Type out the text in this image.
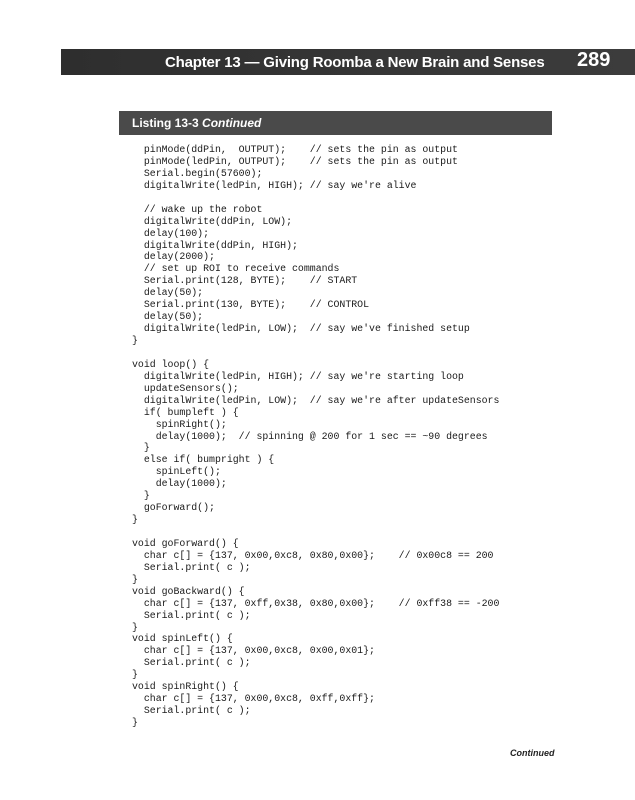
Chapter 13 — Giving Roomba a New Brain and Senses	289
Listing 13-3 Continued
pinMode(ddPin,  OUTPUT);    // sets the pin as output
pinMode(ledPin, OUTPUT);    // sets the pin as output
Serial.begin(57600);
digitalWrite(ledPin, HIGH); // say we're alive
// wake up the robot
digitalWrite(ddPin, LOW);
delay(100);
digitalWrite(ddPin, HIGH);
delay(2000);
// set up ROI to receive commands
Serial.print(128, BYTE);    // START
delay(50);
Serial.print(130, BYTE);    // CONTROL
delay(50);
digitalWrite(ledPin, LOW);  // say we've finished setup
}
void loop() {
digitalWrite(ledPin, HIGH); // say we're starting loop
updateSensors();
digitalWrite(ledPin, LOW);  // say we're after updateSensors
if( bumpleft ) {
spinRight();
delay(1000);  // spinning @ 200 for 1 sec == ~90 degrees
}
else if( bumpright ) {
spinLeft();
delay(1000);
}
goForward();
}
void goForward() {
char c[] = {137, 0x00,0xc8, 0x80,0x00};    // 0x00c8 == 200
Serial.print( c );
}
void goBackward() {
char c[] = {137, 0xff,0x38, 0x80,0x00};    // 0xff38 == -200
Serial.print( c );
}
void spinLeft() {
char c[] = {137, 0x00,0xc8, 0x00,0x01};
Serial.print( c );
}
void spinRight() {
char c[] = {137, 0x00,0xc8, 0xff,0xff};
Serial.print( c );
}
Continued
